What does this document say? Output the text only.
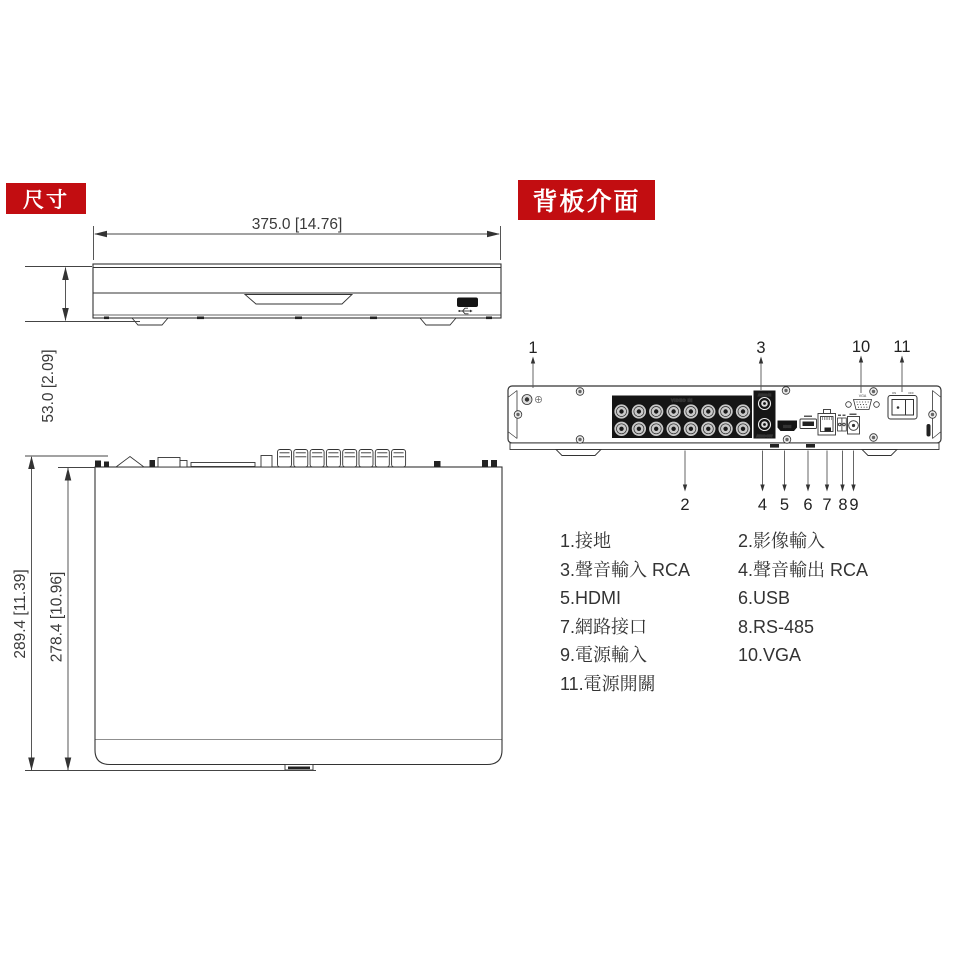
尺寸	背板介面
375.0 [14.76]
53.0 [2.09]
289.4 [11.39] 278.4 [10.96]
VIDEO IN
AUDIO IN
AUDIO OUT
HDMI
VGA
ON	OFF
1	3	10 11
2	4 5 6 7 8 9
1.接地	2.影像輸入
3.聲音輸入 RCA	4.聲音輸出 RCA
5.HDMI	6.USB
7.網路接口	8.RS-485
9.電源輸入	10.VGA
11.電源開關
